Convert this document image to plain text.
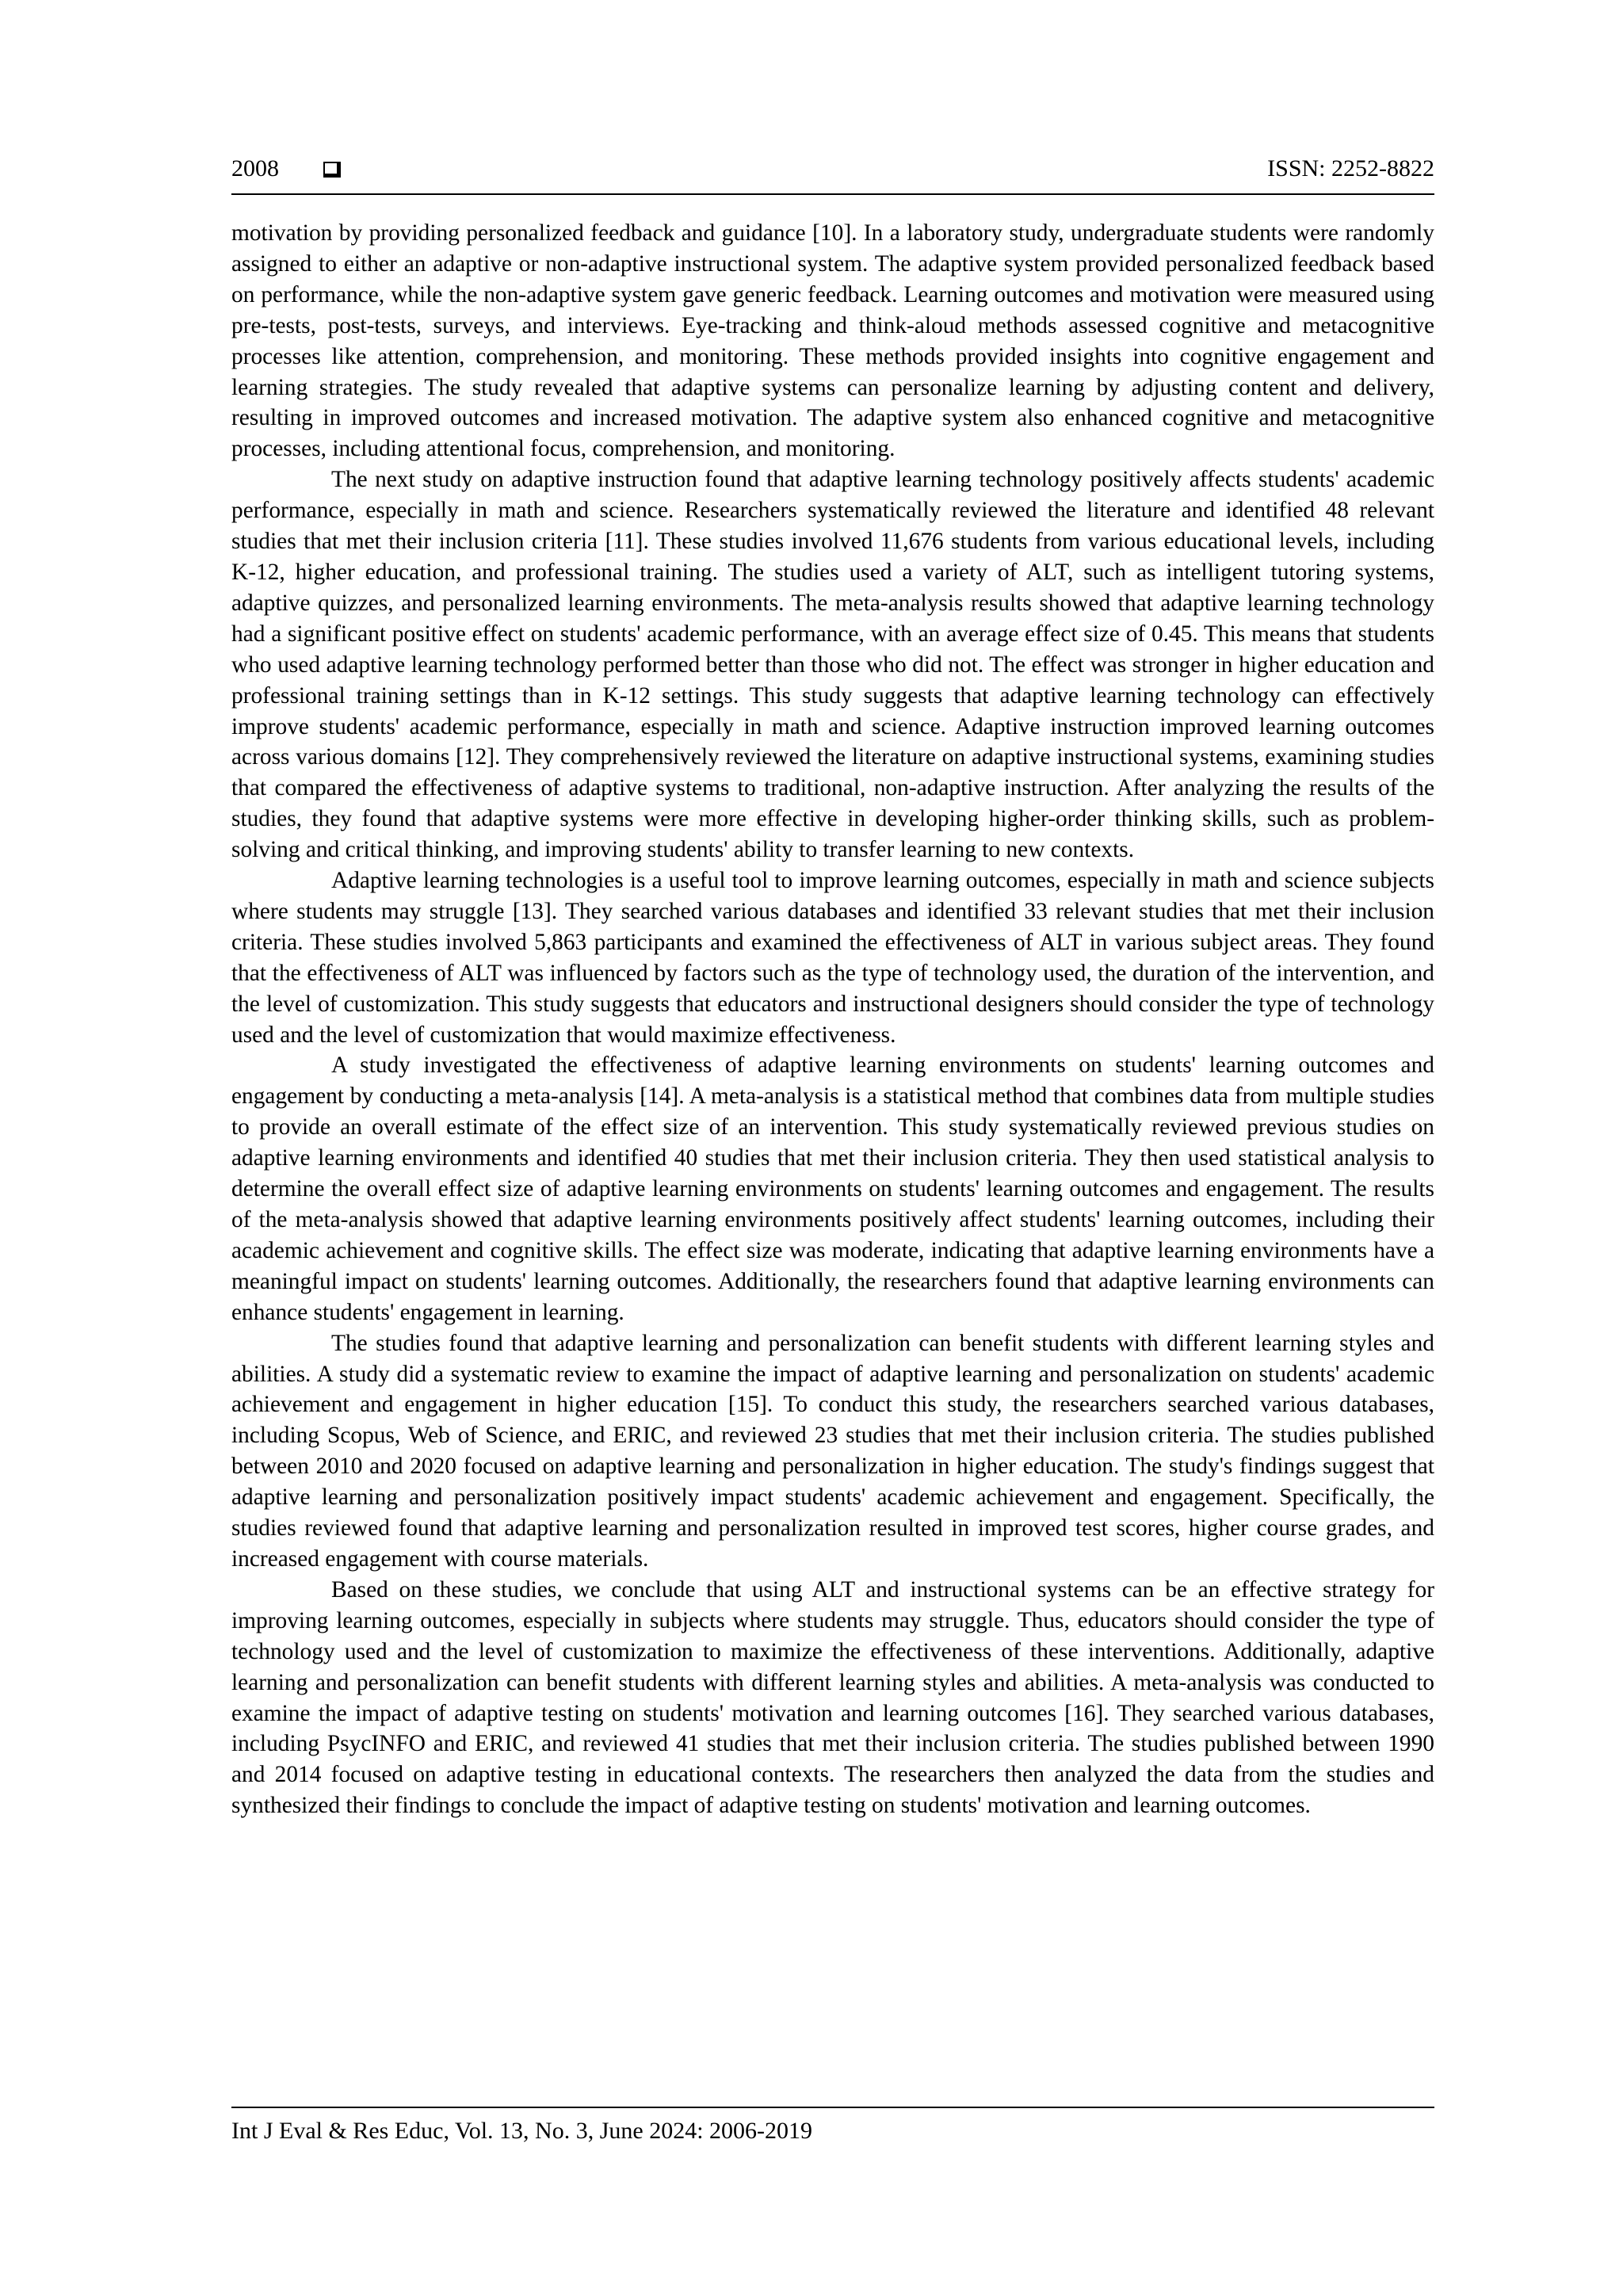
2008	ISSN: 2252-8822

motivation by providing personalized feedback and guidance [10]. In a laboratory study, undergraduate students were randomly assigned to either an adaptive or non-adaptive instructional system. The adaptive system provided personalized feedback based on performance, while the non-adaptive system gave generic feedback. Learning outcomes and motivation were measured using pre-tests, post-tests, surveys, and interviews. Eye-tracking and think-aloud methods assessed cognitive and metacognitive processes like attention, comprehension, and monitoring. These methods provided insights into cognitive engagement and learning strategies. The study revealed that adaptive systems can personalize learning by adjusting content and delivery, resulting in improved outcomes and increased motivation. The adaptive system also enhanced cognitive and metacognitive processes, including attentional focus, comprehension, and monitoring.

The next study on adaptive instruction found that adaptive learning technology positively affects students' academic performance, especially in math and science. Researchers systematically reviewed the literature and identified 48 relevant studies that met their inclusion criteria [11]. These studies involved 11,676 students from various educational levels, including K-12, higher education, and professional training. The studies used a variety of ALT, such as intelligent tutoring systems, adaptive quizzes, and personalized learning environments. The meta-analysis results showed that adaptive learning technology had a significant positive effect on students' academic performance, with an average effect size of 0.45. This means that students who used adaptive learning technology performed better than those who did not. The effect was stronger in higher education and professional training settings than in K-12 settings. This study suggests that adaptive learning technology can effectively improve students' academic performance, especially in math and science. Adaptive instruction improved learning outcomes across various domains [12]. They comprehensively reviewed the literature on adaptive instructional systems, examining studies that compared the effectiveness of adaptive systems to traditional, non-adaptive instruction. After analyzing the results of the studies, they found that adaptive systems were more effective in developing higher-order thinking skills, such as problem-solving and critical thinking, and improving students' ability to transfer learning to new contexts.

Adaptive learning technologies is a useful tool to improve learning outcomes, especially in math and science subjects where students may struggle [13]. They searched various databases and identified 33 relevant studies that met their inclusion criteria. These studies involved 5,863 participants and examined the effectiveness of ALT in various subject areas. They found that the effectiveness of ALT was influenced by factors such as the type of technology used, the duration of the intervention, and the level of customization. This study suggests that educators and instructional designers should consider the type of technology used and the level of customization that would maximize effectiveness.

A study investigated the effectiveness of adaptive learning environments on students' learning outcomes and engagement by conducting a meta-analysis [14]. A meta-analysis is a statistical method that combines data from multiple studies to provide an overall estimate of the effect size of an intervention. This study systematically reviewed previous studies on adaptive learning environments and identified 40 studies that met their inclusion criteria. They then used statistical analysis to determine the overall effect size of adaptive learning environments on students' learning outcomes and engagement. The results of the meta-analysis showed that adaptive learning environments positively affect students' learning outcomes, including their academic achievement and cognitive skills. The effect size was moderate, indicating that adaptive learning environments have a meaningful impact on students' learning outcomes. Additionally, the researchers found that adaptive learning environments can enhance students' engagement in learning.

The studies found that adaptive learning and personalization can benefit students with different learning styles and abilities. A study did a systematic review to examine the impact of adaptive learning and personalization on students' academic achievement and engagement in higher education [15]. To conduct this study, the researchers searched various databases, including Scopus, Web of Science, and ERIC, and reviewed 23 studies that met their inclusion criteria. The studies published between 2010 and 2020 focused on adaptive learning and personalization in higher education. The study's findings suggest that adaptive learning and personalization positively impact students' academic achievement and engagement. Specifically, the studies reviewed found that adaptive learning and personalization resulted in improved test scores, higher course grades, and increased engagement with course materials.

Based on these studies, we conclude that using ALT and instructional systems can be an effective strategy for improving learning outcomes, especially in subjects where students may struggle. Thus, educators should consider the type of technology used and the level of customization to maximize the effectiveness of these interventions. Additionally, adaptive learning and personalization can benefit students with different learning styles and abilities. A meta-analysis was conducted to examine the impact of adaptive testing on students' motivation and learning outcomes [16]. They searched various databases, including PsycINFO and ERIC, and reviewed 41 studies that met their inclusion criteria. The studies published between 1990 and 2014 focused on adaptive testing in educational contexts. The researchers then analyzed the data from the studies and synthesized their findings to conclude the impact of adaptive testing on students' motivation and learning outcomes.

Int J Eval & Res Educ, Vol. 13, No. 3, June 2024: 2006-2019
